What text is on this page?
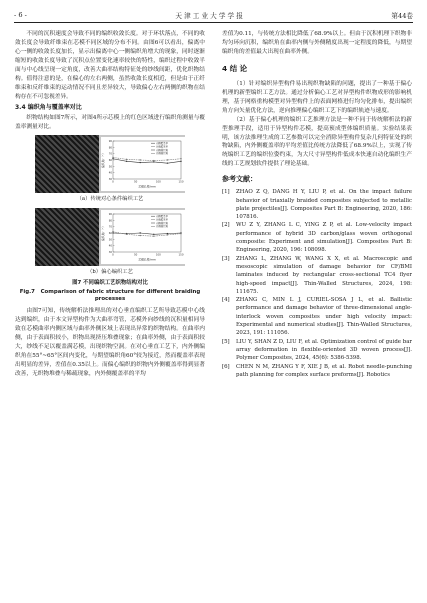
- 6 -	天 津 工 业 大 学 学 报	第44卷

不同的沉积速度会导致不同的编织收敛长度。对于环状落点，不同的收敛长度会导致纤维束在芯模不同区域的分布不同。由图6可以看出，偏离中心一侧的收敛长度加长，显示出偏离中心一侧编织角增大的现象，同时逐渐缩短的收敛长度导致了沉积点位置变化速率较快的特性，编织过程中收敛半面与中心线呈现一定角度，改善大曲率结构特征处的纱线间距，优化织物结构。值得注意的是，在偏心的左右两侧，虽然收敛长度相近，但是由于正纤维束和反纤维束的运动情况不同且差异较大，导致偏心左右两侧的织物在结构存在不可忽视差异。

3.4 编织角与覆盖率对比

织物结构如图7所示，对图4所示芯模上的红色区域进行编织角测量与覆盖率测量对比。

90
80
70
60
50
40
30
0	50	100	150
芯模长度/mm
编织角/（°）
内侧覆盖率
外侧覆盖率
内侧编织角
外侧编织角
（a）传统对心条件编织工艺
90
80
70
60
50
40
30
0	50	100	150
芯模长度/mm
编织角/（°）
内侧覆盖率
外侧覆盖率
内侧编织角
外侧编织角
（b）偏心编织工艺
图7 不同编织工艺织物结构对比
Fig.7 Comparison of fabric structure for different braiding processes

由图7可知，传统解析法推理出的对心垂直编织工艺所导致芯模中心线达到编织，由于本文异型构件为大曲率弯管，芯模外向纱线的沉积量相同导致在芯模曲率内侧区域与曲率外侧区域上表现出异常的织物结构。在曲率内侧，由于表面积较小，织物出现挤压堆叠现象；在曲率外侧，由于表面积较大，纱线不足以覆盖满芯模，出现织物空洞。在对心垂直工艺下，内外侧编织角在55°~65°区间内变化，与期望编织角60°较为接近，然而覆盖率表现出明显的差异，差值在0.35以上。而偏心编织的织物内外侧覆盖率得到显著改善，无织物堆叠与稀疏现象，内外侧覆盖率的平均

差值为0.11，与传统方法相比降低了68.9%以上。但由于沉积机理下织物非均匀环向沉积，编织角在曲率内侧与外侧精度出现一定程度的降低，与期望编织角的差值最大出现在曲率外侧。

4 结 论

（1）针对编织异型构件易出现织物缺陷的问题，提出了一种基于偏心机理的新型编织工艺方法。通过分析偏心工艺对异型构件织物成形的影响机理，基于网格重构模型对异型构件上的表面网格进行均匀化排布，提出编织角方向矢量优化方法，逆向推理偏心编织工艺下的编织轨迹与速度。

（2）基于偏心机理的编织工艺推理方法是一种不同于传统解析法的新型推理手段，适用于异型构件芯模，提高预成型体编织质量。实验结果表明，该方法推理生成的工艺参数可以完全消除异型构件复杂几何特征处的织物缺陷，内外侧覆盖率的平均差值比传统方法降低了68.9%以上，实现了传统编织工艺的编织位姿约束，为大尺寸异型构件低成本快速自动化编织生产线的工艺规划软件提供了理论基础。

参考文献：
[1]	ZHAO Z Q, DANG H Y, LIU P, et al. On the impact failure behavior of triaxially braided composites subjected to metallic plate projectiles[J]. Composites Part B: Engineering, 2020, 186: 107816.
[2]	WU Z Y, ZHANG L C, YING Z P, et al. Low-velocity impact performance of hybrid 3D carbon/glass woven orthogonal composite: Experiment and simulation[J]. Composites Part B: Engineering, 2020, 196: 108098.
[3]	ZHANG L, ZHANG W, WANG X X, et al. Macroscopic and mesoscopic simulation of damage behavior for CF/BMI laminates induced by rectangular cross-sectional TC4 flyer high-speed impact[J]. Thin-Walled Structures, 2024, 198: 111675.
[4]	ZHANG C, MIN L J, CURIEL-SOSA J L, et al. Ballistic performance and damage behavior of three-dimensional angle-interlock woven composites under high velocity impact: Experimental and numerical studies[J]. Thin-Walled Structures, 2023, 191: 111056.
[5]	LIU Y, SHAN Z D, LIU F, et al. Optimization control of guide bar array deformation in flexible-oriented 3D woven process[J]. Polymer Composites, 2024, 45(6): 5386-5398.
[6]	CHEN N M, ZHANG Y F, XIE J B, et al. Robot needle-punching path planning for complex surface preforms[J]. Robotics
